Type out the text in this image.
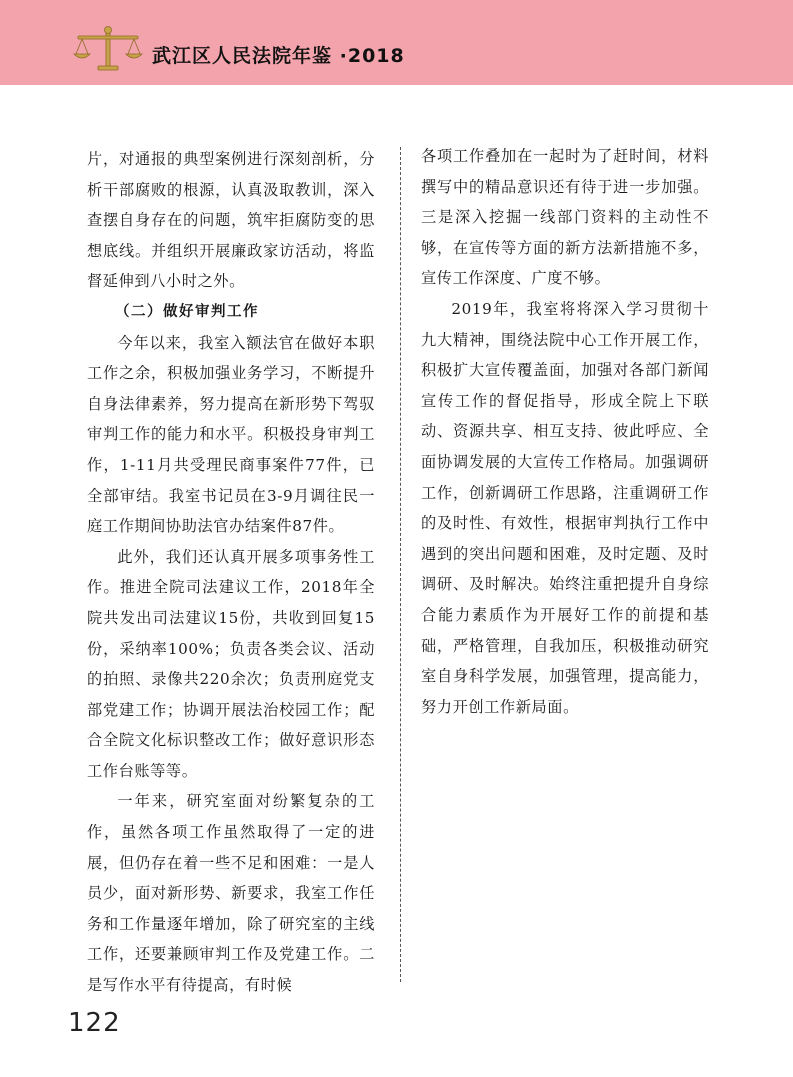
武江区人民法院年鉴 ·2018

片，对通报的典型案例进行深刻剖析，分析干部腐败的根源，认真汲取教训，深入查摆自身存在的问题，筑牢拒腐防变的思想底线。并组织开展廉政家访活动，将监督延伸到八小时之外。

（二）做好审判工作

今年以来，我室入额法官在做好本职工作之余，积极加强业务学习，不断提升自身法律素养，努力提高在新形势下驾驭审判工作的能力和水平。积极投身审判工作，1-11月共受理民商事案件77件，已全部审结。我室书记员在3-9月调往民一庭工作期间协助法官办结案件87件。

此外，我们还认真开展多项事务性工作。推进全院司法建议工作，2018年全院共发出司法建议15份，共收到回复15份，采纳率100%；负责各类会议、活动的拍照、录像共220余次；负责刑庭党支部党建工作；协调开展法治校园工作；配合全院文化标识整改工作；做好意识形态工作台账等等。

一年来，研究室面对纷繁复杂的工作，虽然各项工作虽然取得了一定的进展，但仍存在着一些不足和困难：一是人员少，面对新形势、新要求，我室工作任务和工作量逐年增加，除了研究室的主线工作，还要兼顾审判工作及党建工作。二是写作水平有待提高，有时候

各项工作叠加在一起时为了赶时间，材料撰写中的精品意识还有待于进一步加强。三是深入挖掘一线部门资料的主动性不够，在宣传等方面的新方法新措施不多，宣传工作深度、广度不够。

2019年，我室将将深入学习贯彻十九大精神，围绕法院中心工作开展工作，积极扩大宣传覆盖面，加强对各部门新闻宣传工作的督促指导，形成全院上下联动、资源共享、相互支持、彼此呼应、全面协调发展的大宣传工作格局。加强调研工作，创新调研工作思路，注重调研工作的及时性、有效性，根据审判执行工作中遇到的突出问题和困难，及时定题、及时调研、及时解决。始终注重把提升自身综合能力素质作为开展好工作的前提和基础，严格管理，自我加压，积极推动研究室自身科学发展，加强管理，提高能力，努力开创工作新局面。

122
